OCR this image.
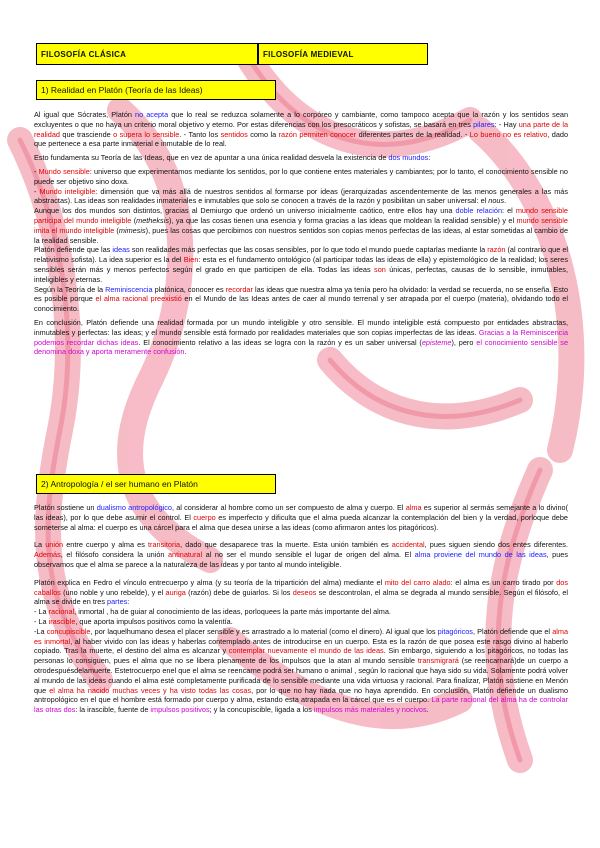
FILOSOFÍA CLÁSICA	FILOSOFÍA MEDIEVAL
1) Realidad en Platón (Teoría de las Ideas)

Al igual que Sócrates, Platón no acepta que lo real se reduzca solamente a lo corpóreo y cambiante, como tampoco acepta que la razón y los sentidos sean excluyentes o que no haya un criterio moral objetivo y eterno. Por estas diferencias con los presocráticos y sofistas, se basará en tres pilares: - Hay una parte de la realidad que trasciende o supera lo sensible. - Tanto los sentidos como la razón permiten conocer diferentes partes de la realidad. - Lo bueno no es relativo, dado que pertenece a esa parte inmaterial e inmutable de lo real.

Esto fundamenta su Teoría de las Ideas, que en vez de apuntar a una única realidad desvela la existencia de dos mundos:

- Mundo sensible: universo que experimentamos mediante los sentidos, por lo que contiene entes materiales y cambiantes; por lo tanto, el conocimiento sensible no puede ser objetivo sino doxa.

- Mundo inteligible: dimensión que va más allá de nuestros sentidos al formarse por ideas (jerarquizadas ascendentemente de las menos generales a las más abstractas). Las ideas son realidades inmateriales e inmutables que solo se conocen a través de la razón y posibilitan un saber universal: el nous.

Aunque los dos mundos son distintos, gracias al Demiurgo que ordenó un universo inicialmente caótico, entre ellos hay una doble relación: el mundo sensible participa del mundo inteligible (metheksis), ya que las cosas tienen una esencia y forma gracias a las ideas que moldean la realidad sensible) y el mundo sensible imita el mundo inteligible (mimesis), pues las cosas que percibimos con nuestros sentidos son copias menos perfectas de las ideas, al estar sometidas al cambio de la realidad sensible.

Platón defiende que las ideas son realidades más perfectas que las cosas sensibles, por lo que todo el mundo puede captarlas mediante la razón (al contrario que el relativismo sofista). La idea superior es la del Bien: esta es el fundamento ontológico (al participar todas las ideas de ella) y epistemológico de la realidad; los seres sensibles serán más y menos perfectos según el grado en que participen de ella. Todas las ideas son únicas, perfectas, causas de lo sensible, inmutables, inteligibles y eternas.

Según la Teoría de la Reminiscencia platónica, conocer es recordar las ideas que nuestra alma ya tenía pero ha olvidado: la verdad se recuerda, no se enseña. Esto es posible porque el alma racional preexistió en el Mundo de las Ideas antes de caer al mundo terrenal y ser atrapada por el cuerpo (materia), olvidando todo el conocimiento.

En conclusión, Platón defiende una realidad formada por un mundo inteligible y otro sensible. El mundo inteligible está compuesto por entidades abstractas, inmutables y perfectas: las ideas; y el mundo sensible está formado por realidades materiales que son copias imperfectas de las ideas. Gracias a la Reminiscencia podemos recordar dichas ideas. El conocimiento relativo a las ideas se logra con la razón y es un saber universal (episteme), pero el conocimiento sensible se denomina doxa y aporta meramente confusión.

2) Antropología / el ser humano en Platón

Platón sostiene un dualismo antropológico, al considerar al hombre como un ser compuesto de alma y cuerpo. El alma es superior al sermás semejante a lo divino( las ideas), por lo que debe asumir el control. El cuerpo es imperfecto y dificulta que el alma pueda alcanzar la contemplación del bien y la verdad, porloque debe someterse al alma: el cuerpo es una cárcel para el alma que desea unirse a las ideas (como afirmaron antes los pitagóricos).

La unión entre cuerpo y alma es transitoria, dado que desaparece tras la muerte. Esta unión también es accidental, pues siguen siendo dos entes diferentes. Además, el filósofo considera la unión antinatural al no ser el mundo sensible el lugar de origen del alma. El alma proviene del mundo de las ideas, pues observamos que el alma se parece a la naturaleza de las ideas y por tanto al mundo inteligible.

Platón explica en Fedro el vínculo entrecuerpo y alma (y su teoría de la tripartición del alma) mediante el mito del carro alado: el alma es un carro tirado por dos caballos (uno noble y uno rebelde), y el auriga (razón) debe de guiarlos. Si los deseos se descontrolan, el alma se degrada al mundo sensible. Según el filósofo, el alma se divide en tres partes:

- La racional, inmortal , ha de guiar al conocimiento de las ideas, porloquees la parte más importante del alma.

- La irascible, que aporta impulsos positivos como la valentía.

-La concupiscible, por laquelhumano desea el placer sensible y es arrastrado a lo material (como el dinero). Al igual que los pitagóricos, Platón defiende que el alma es inmortal, al haber vivido con las ideas y haberlas contemplado antes de introducirse en un cuerpo. Esta es la razón de que posea este rasgo divino al haberlo copiado. Tras la muerte, el destino del alma es alcanzar y contemplar nuevamente el mundo de las ideas. Sin embargo, siguiendo a los pitagóricos, no todas las personas lo consiguen, pues el alma que no se libera plenamente de los impulsos que la atan al mundo sensible transmigrará (se reencarnará)de un cuerpo a otrodespuésdelamuerte. Estetrocuerpo enel que el alma se reencarne podrá ser humano o animal , según lo racional que haya sido su vida. Solamente podrá volver al mundo de las ideas cuando el alma esté completamente purificada de lo sensible mediante una vida virtuosa y racional. Para finalizar, Platón sostiene en Menón que el alma ha nacido muchas veces y ha visto todas las cosas, por lo que no hay nada que no haya aprendido. En conclusión, Platón defiende un dualismo antropológico en el que el hombre está formado por cuerpo y alma, estando esta atrapada en la cárcel que es el cuerpo. La parte racional del alma ha de controlar las otras dos: la irascible, fuente de impulsos positivos; y la concupiscible, ligada a los impulsos más materiales y nocivos.
